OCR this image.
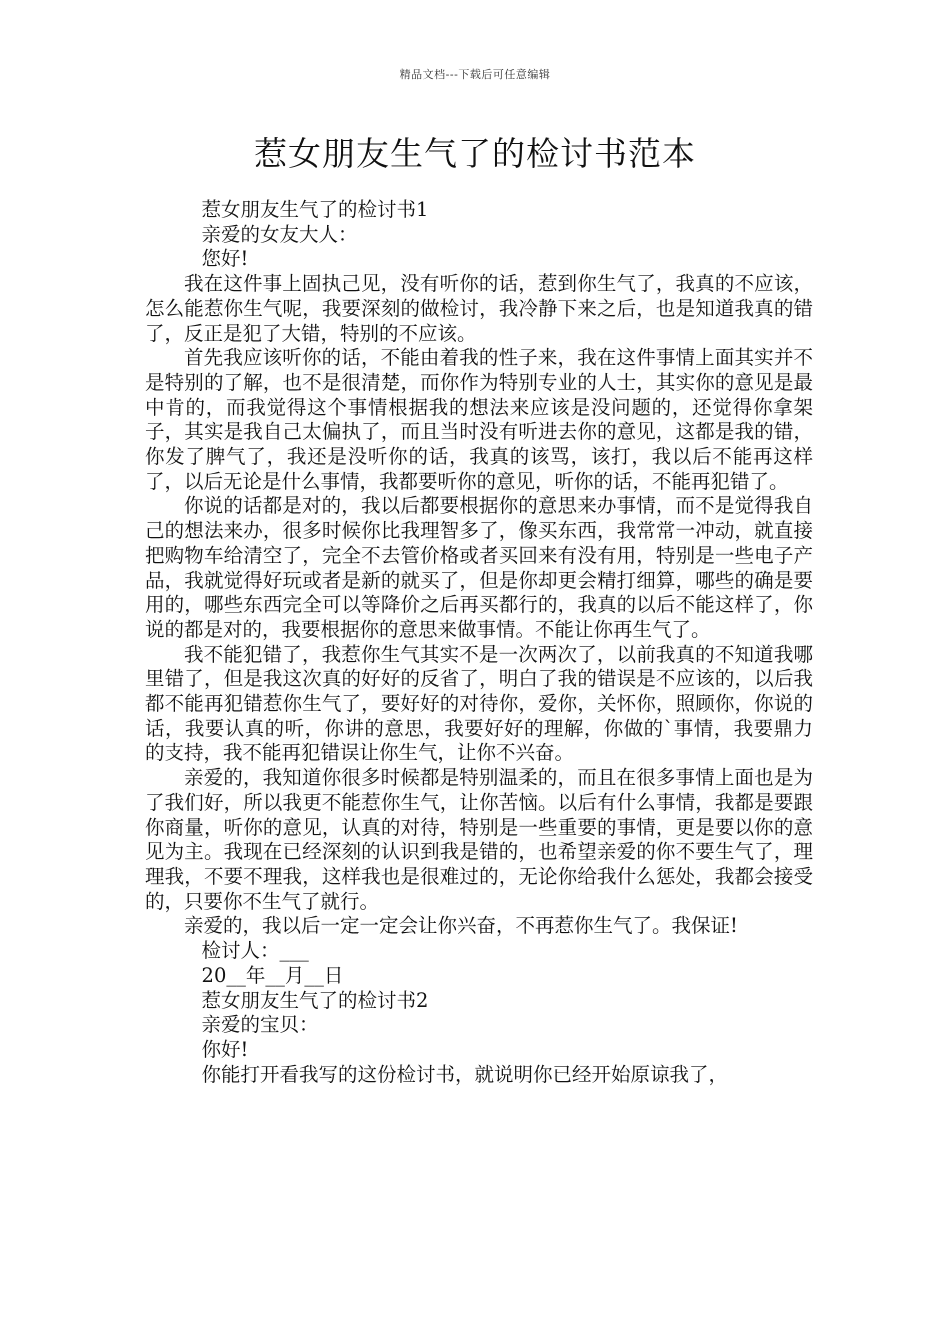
精品文档---下载后可任意编辑
惹女朋友生气了的检讨书范本

惹女朋友生气了的检讨书1

亲爱的女友大人：

您好!

我在这件事上固执己见，没有听你的话，惹到你生气了，我真的不应该，怎么能惹你生气呢，我要深刻的做检讨，我冷静下来之后，也是知道我真的错了，反正是犯了大错，特别的不应该。

首先我应该听你的话，不能由着我的性子来，我在这件事情上面其实并不是特别的了解，也不是很清楚，而你作为特别专业的人士，其实你的意见是最中肯的，而我觉得这个事情根据我的想法来应该是没问题的，还觉得你拿架子，其实是我自己太偏执了，而且当时没有听进去你的意见，这都是我的错，你发了脾气了，我还是没听你的话，我真的该骂，该打，我以后不能再这样了，以后无论是什么事情，我都要听你的意见，听你的话，不能再犯错了。

你说的话都是对的，我以后都要根据你的意思来办事情，而不是觉得我自己的想法来办，很多时候你比我理智多了，像买东西，我常常一冲动，就直接把购物车给清空了，完全不去管价格或者买回来有没有用，特别是一些电子产品，我就觉得好玩或者是新的就买了，但是你却更会精打细算，哪些的确是要用的，哪些东西完全可以等降价之后再买都行的，我真的以后不能这样了，你说的都是对的，我要根据你的意思来做事情。不能让你再生气了。

我不能犯错了，我惹你生气其实不是一次两次了，以前我真的不知道我哪里错了，但是我这次真的好好的反省了，明白了我的错误是不应该的，以后我都不能再犯错惹你生气了，要好好的对待你，爱你，关怀你，照顾你，你说的话，我要认真的听，你讲的意思，我要好好的理解，你做的`事情，我要鼎力的支持，我不能再犯错误让你生气，让你不兴奋。

亲爱的，我知道你很多时候都是特别温柔的，而且在很多事情上面也是为了我们好，所以我更不能惹你生气，让你苦恼。以后有什么事情，我都是要跟你商量，听你的意见，认真的对待，特别是一些重要的事情，更是要以你的意见为主。我现在已经深刻的认识到我是错的，也希望亲爱的你不要生气了，理理我，不要不理我，这样我也是很难过的，无论你给我什么惩处，我都会接受的，只要你不生气了就行。

亲爱的，我以后一定一定会让你兴奋，不再惹你生气了。我保证!

检讨人：___

20__年__月__日

惹女朋友生气了的检讨书2

亲爱的宝贝：

你好!

你能打开看我写的这份检讨书，就说明你已经开始原谅我了，
